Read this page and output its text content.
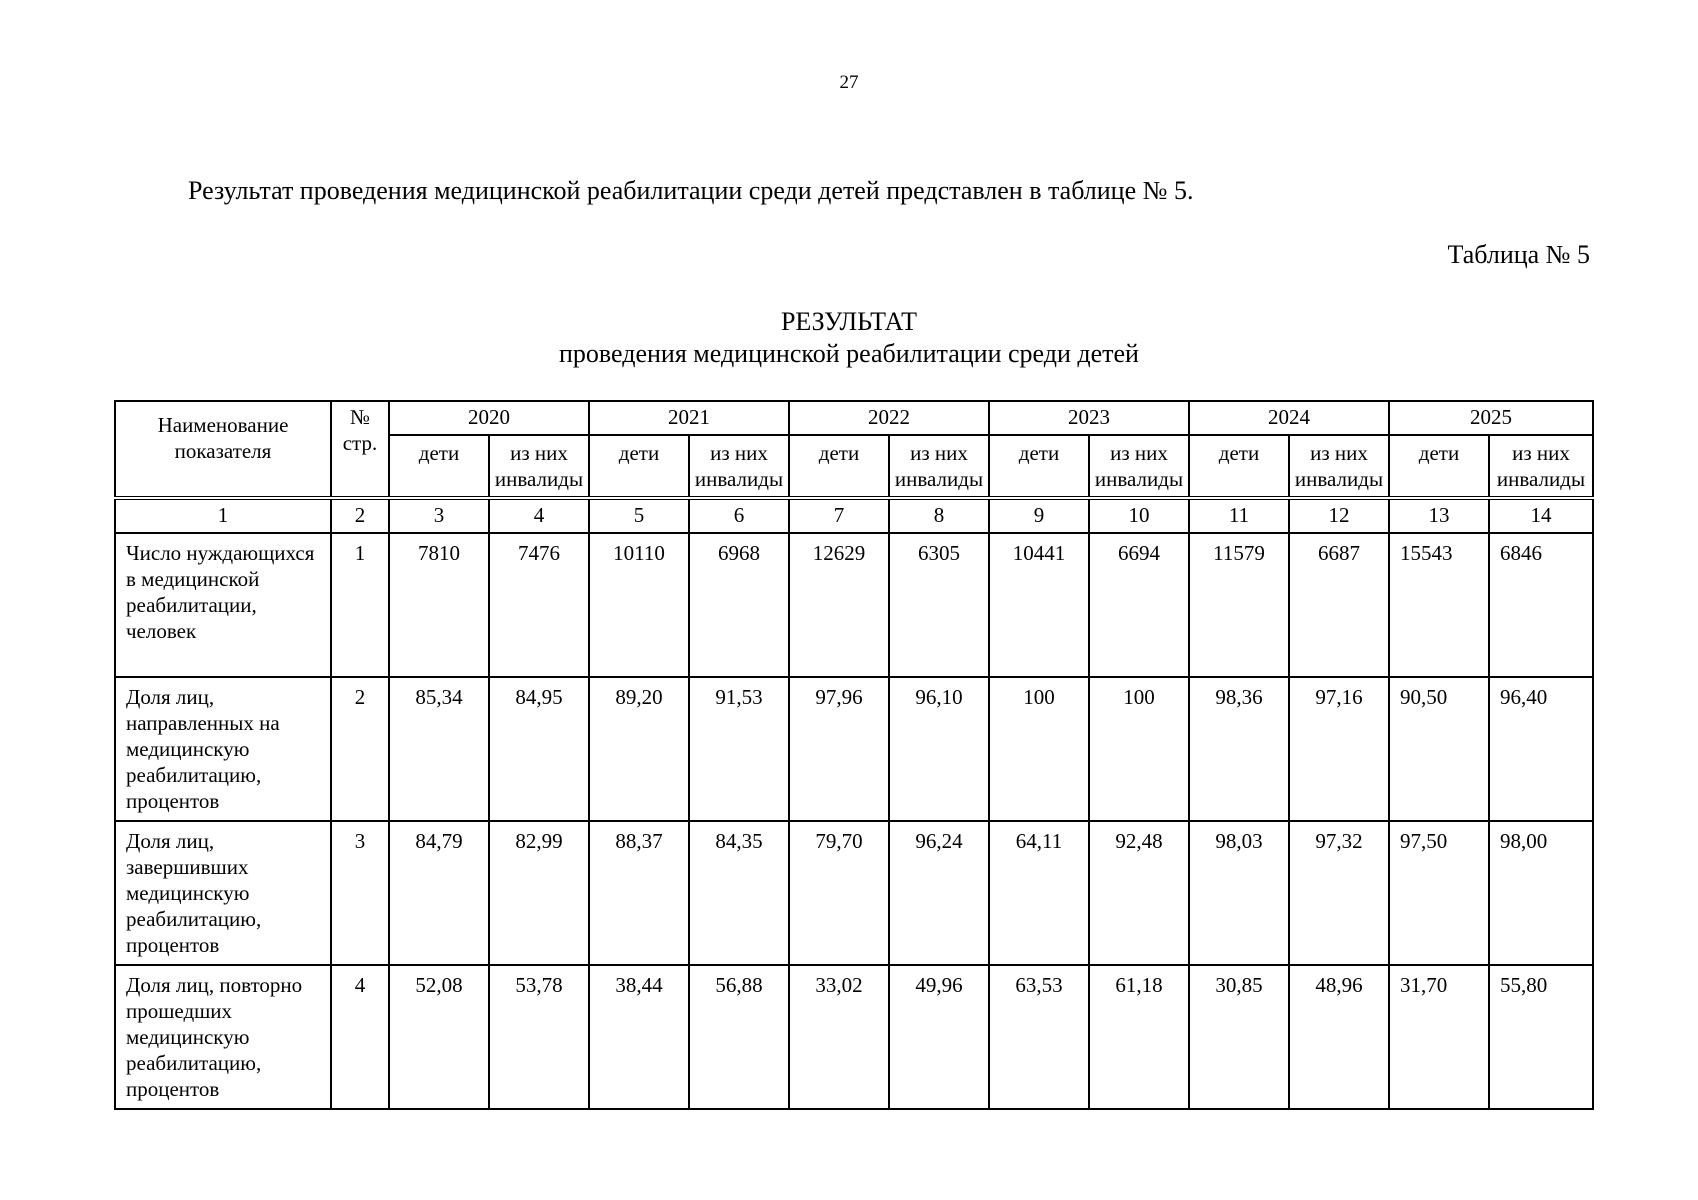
27
Результат проведения медицинской реабилитации среди детей представлен в таблице № 5.
Таблица № 5
РЕЗУЛЬТАТ
проведения медицинской реабилитации среди детей
Наименование показателя	№ стр.	2020		2021		2022		2023		2024		2025	
		дети	из них инвалиды	дети	из них инвалиды	дети	из них инвалиды	дети	из них инвалиды	дети	из них инвалиды	дети	из них инвалиды
1	2	3	4	5	6	7	8	9	10	11	12	13	14
Число нуждающихся в медицинской реабилитации, человек	1	7810	7476	10110	6968	12629	6305	10441	6694	11579	6687	15543	6846
Доля лиц, направленных на медицинскую реабилитацию, процентов	2	85,34	84,95	89,20	91,53	97,96	96,10	100	100	98,36	97,16	90,50	96,40
Доля лиц, завершивших медицинскую реабилитацию, процентов	3	84,79	82,99	88,37	84,35	79,70	96,24	64,11	92,48	98,03	97,32	97,50	98,00
Доля лиц, повторно прошедших медицинскую реабилитацию, процентов	4	52,08	53,78	38,44	56,88	33,02	49,96	63,53	61,18	30,85	48,96	31,70	55,80
